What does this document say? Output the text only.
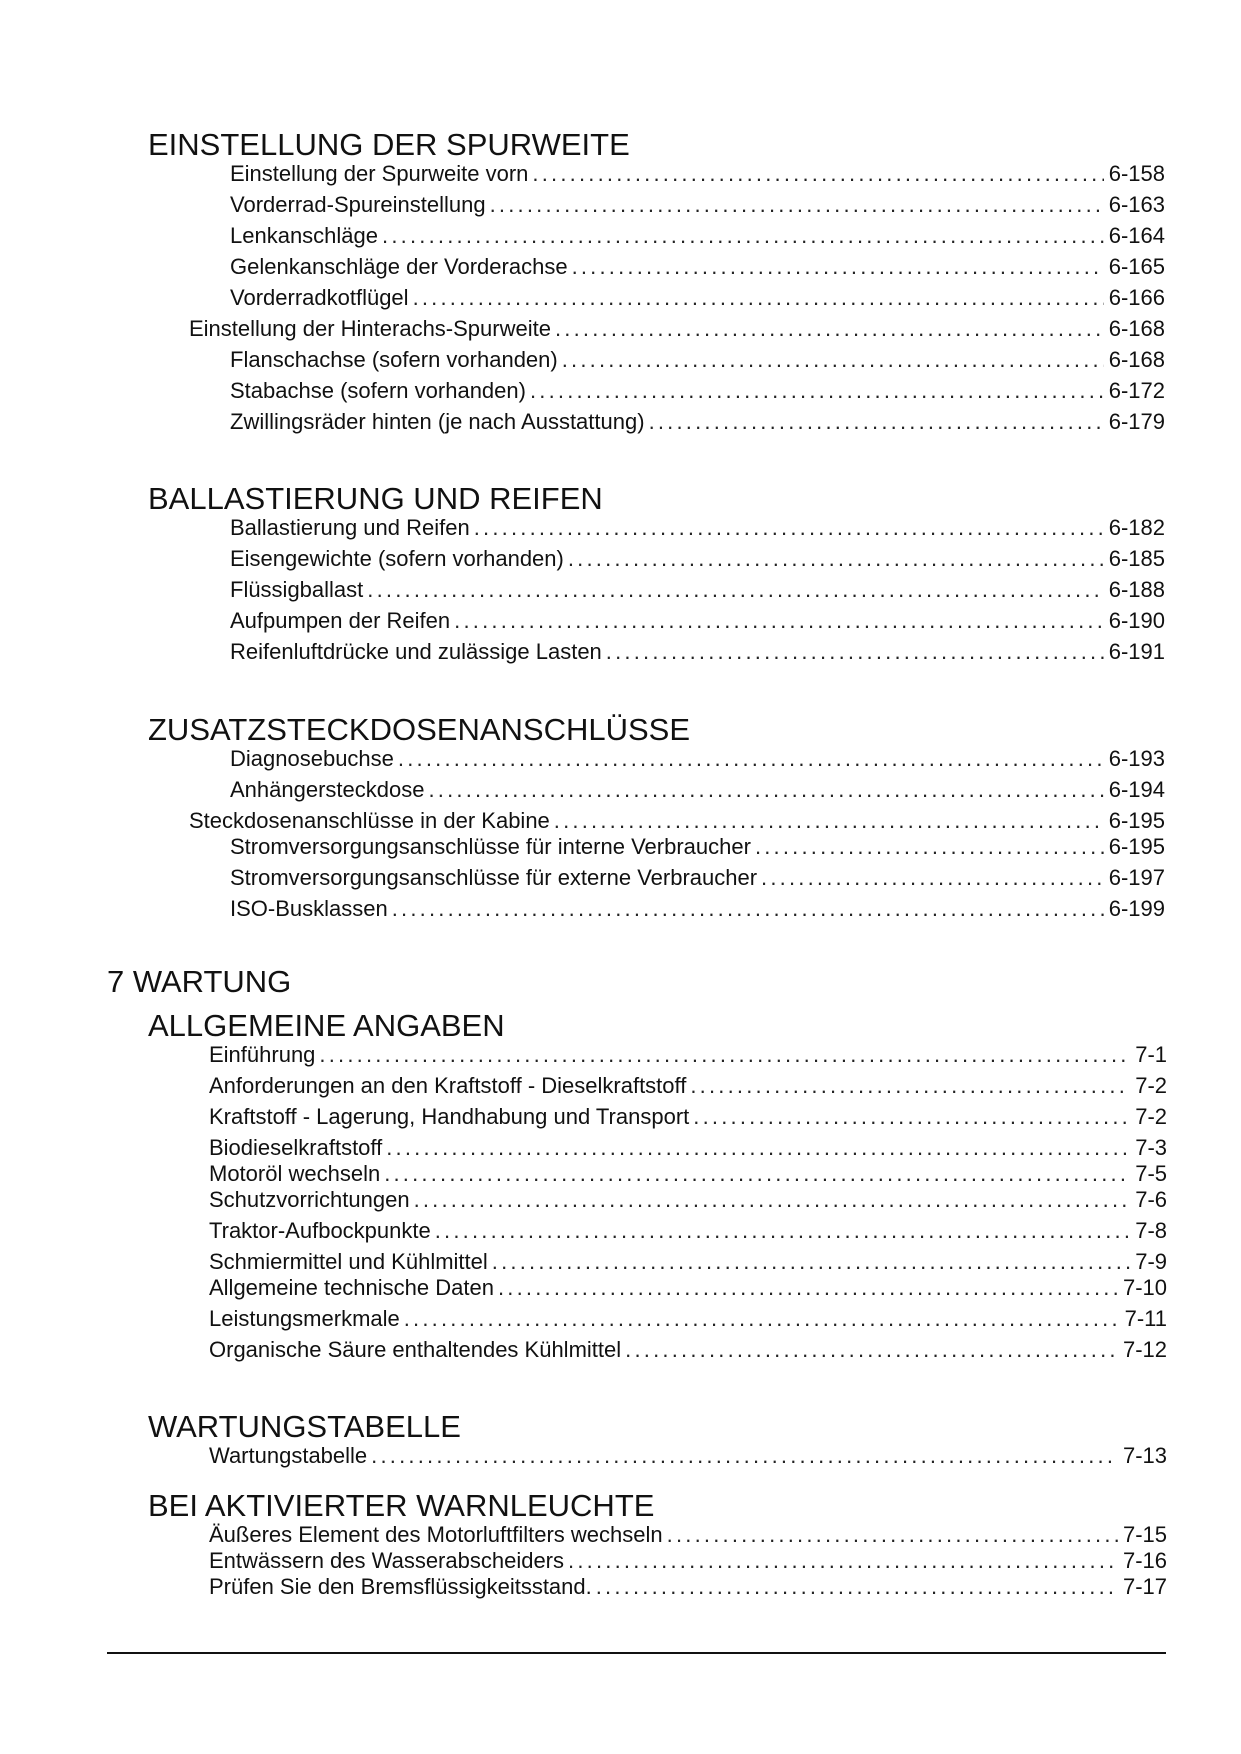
EINSTELLUNG DER SPURWEITE
Einstellung der Spurweite vorn .....	6-158
Vorderrad-Spureinstellung .....	6-163
Lenkanschläge .....	6-164
Gelenkanschläge der Vorderachse .....	6-165
Vorderradkotflügel .....	6-166
Einstellung der Hinterachs-Spurweite .....	6-168
Flanschachse (sofern vorhanden) .....	6-168
Stabachse (sofern vorhanden) .....	6-172
Zwillingsräder hinten (je nach Ausstattung) .....	6-179
BALLASTIERUNG UND REIFEN
Ballastierung und Reifen .....	6-182
Eisengewichte (sofern vorhanden) .....	6-185
Flüssigballast .....	6-188
Aufpumpen der Reifen .....	6-190
Reifenluftdrücke und zulässige Lasten .....	6-191
ZUSATZSTECKDOSENANSCHLÜSSE
Diagnosebuchse .....	6-193
Anhängersteckdose .....	6-194
Steckdosenanschlüsse in der Kabine .....	6-195
Stromversorgungsanschlüsse für interne Verbraucher .....	6-195
Stromversorgungsanschlüsse für externe Verbraucher .....	6-197
ISO-Busklassen .....	6-199
7 WARTUNG
ALLGEMEINE ANGABEN
Einführung .....	7-1
Anforderungen an den Kraftstoff - Dieselkraftstoff .....	7-2
Kraftstoff - Lagerung, Handhabung und Transport .....	7-2
Biodieselkraftstoff .....	7-3
Motoröl wechseln .....	7-5
Schutzvorrichtungen .....	7-6
Traktor-Aufbockpunkte .....	7-8
Schmiermittel und Kühlmittel .....	7-9
Allgemeine technische Daten .....	7-10
Leistungsmerkmale .....	7-11
Organische Säure enthaltendes Kühlmittel .....	7-12
WARTUNGSTABELLE
Wartungstabelle .....	7-13
BEI AKTIVIERTER WARNLEUCHTE
Äußeres Element des Motorluftfilters wechseln .....	7-15
Entwässern des Wasserabscheiders .....	7-16
Prüfen Sie den Bremsflüssigkeitsstand. .....	7-17
